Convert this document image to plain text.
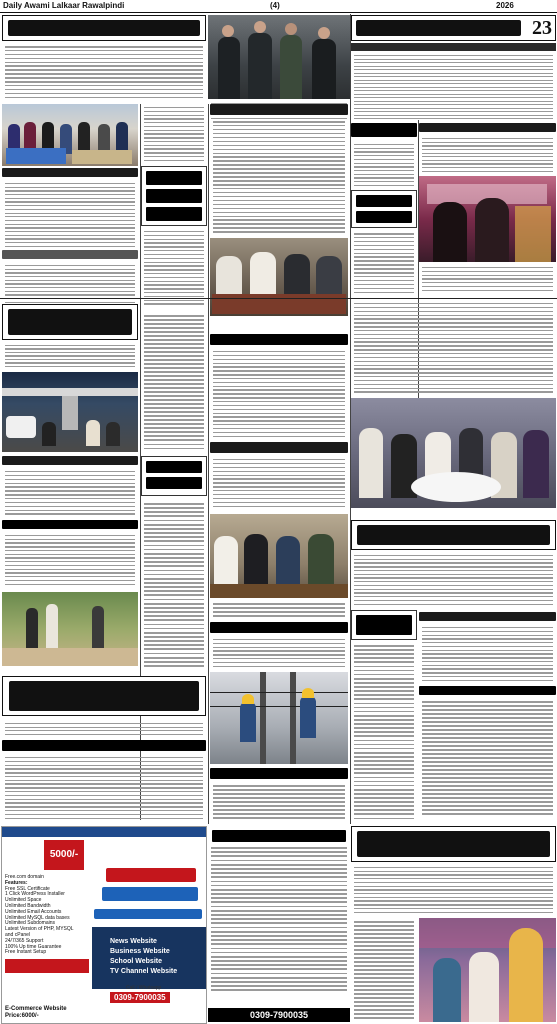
Daily Awami Lalkaar Rawalpindi	(4)	2026
23
5000/-
Free.com domain
Features:
Free SSL Certificate
1 Click WordPress Installer
Unlimited Space
Unlimited Bandwidth
Unlimited Email Accounts
Unlimited MySQL data bases
Unlimited Subdomains
Latest Version of PHP, MYSQL
and cPanel
24/7/365 Support
100% Up time Guarantee
Free Instant Setup
News Website
Business Website
School Website
TV Channel Website
Call / Whatsapp
0309-7900035
E-Commerce Website
Price:6000/-	0309-7900035
